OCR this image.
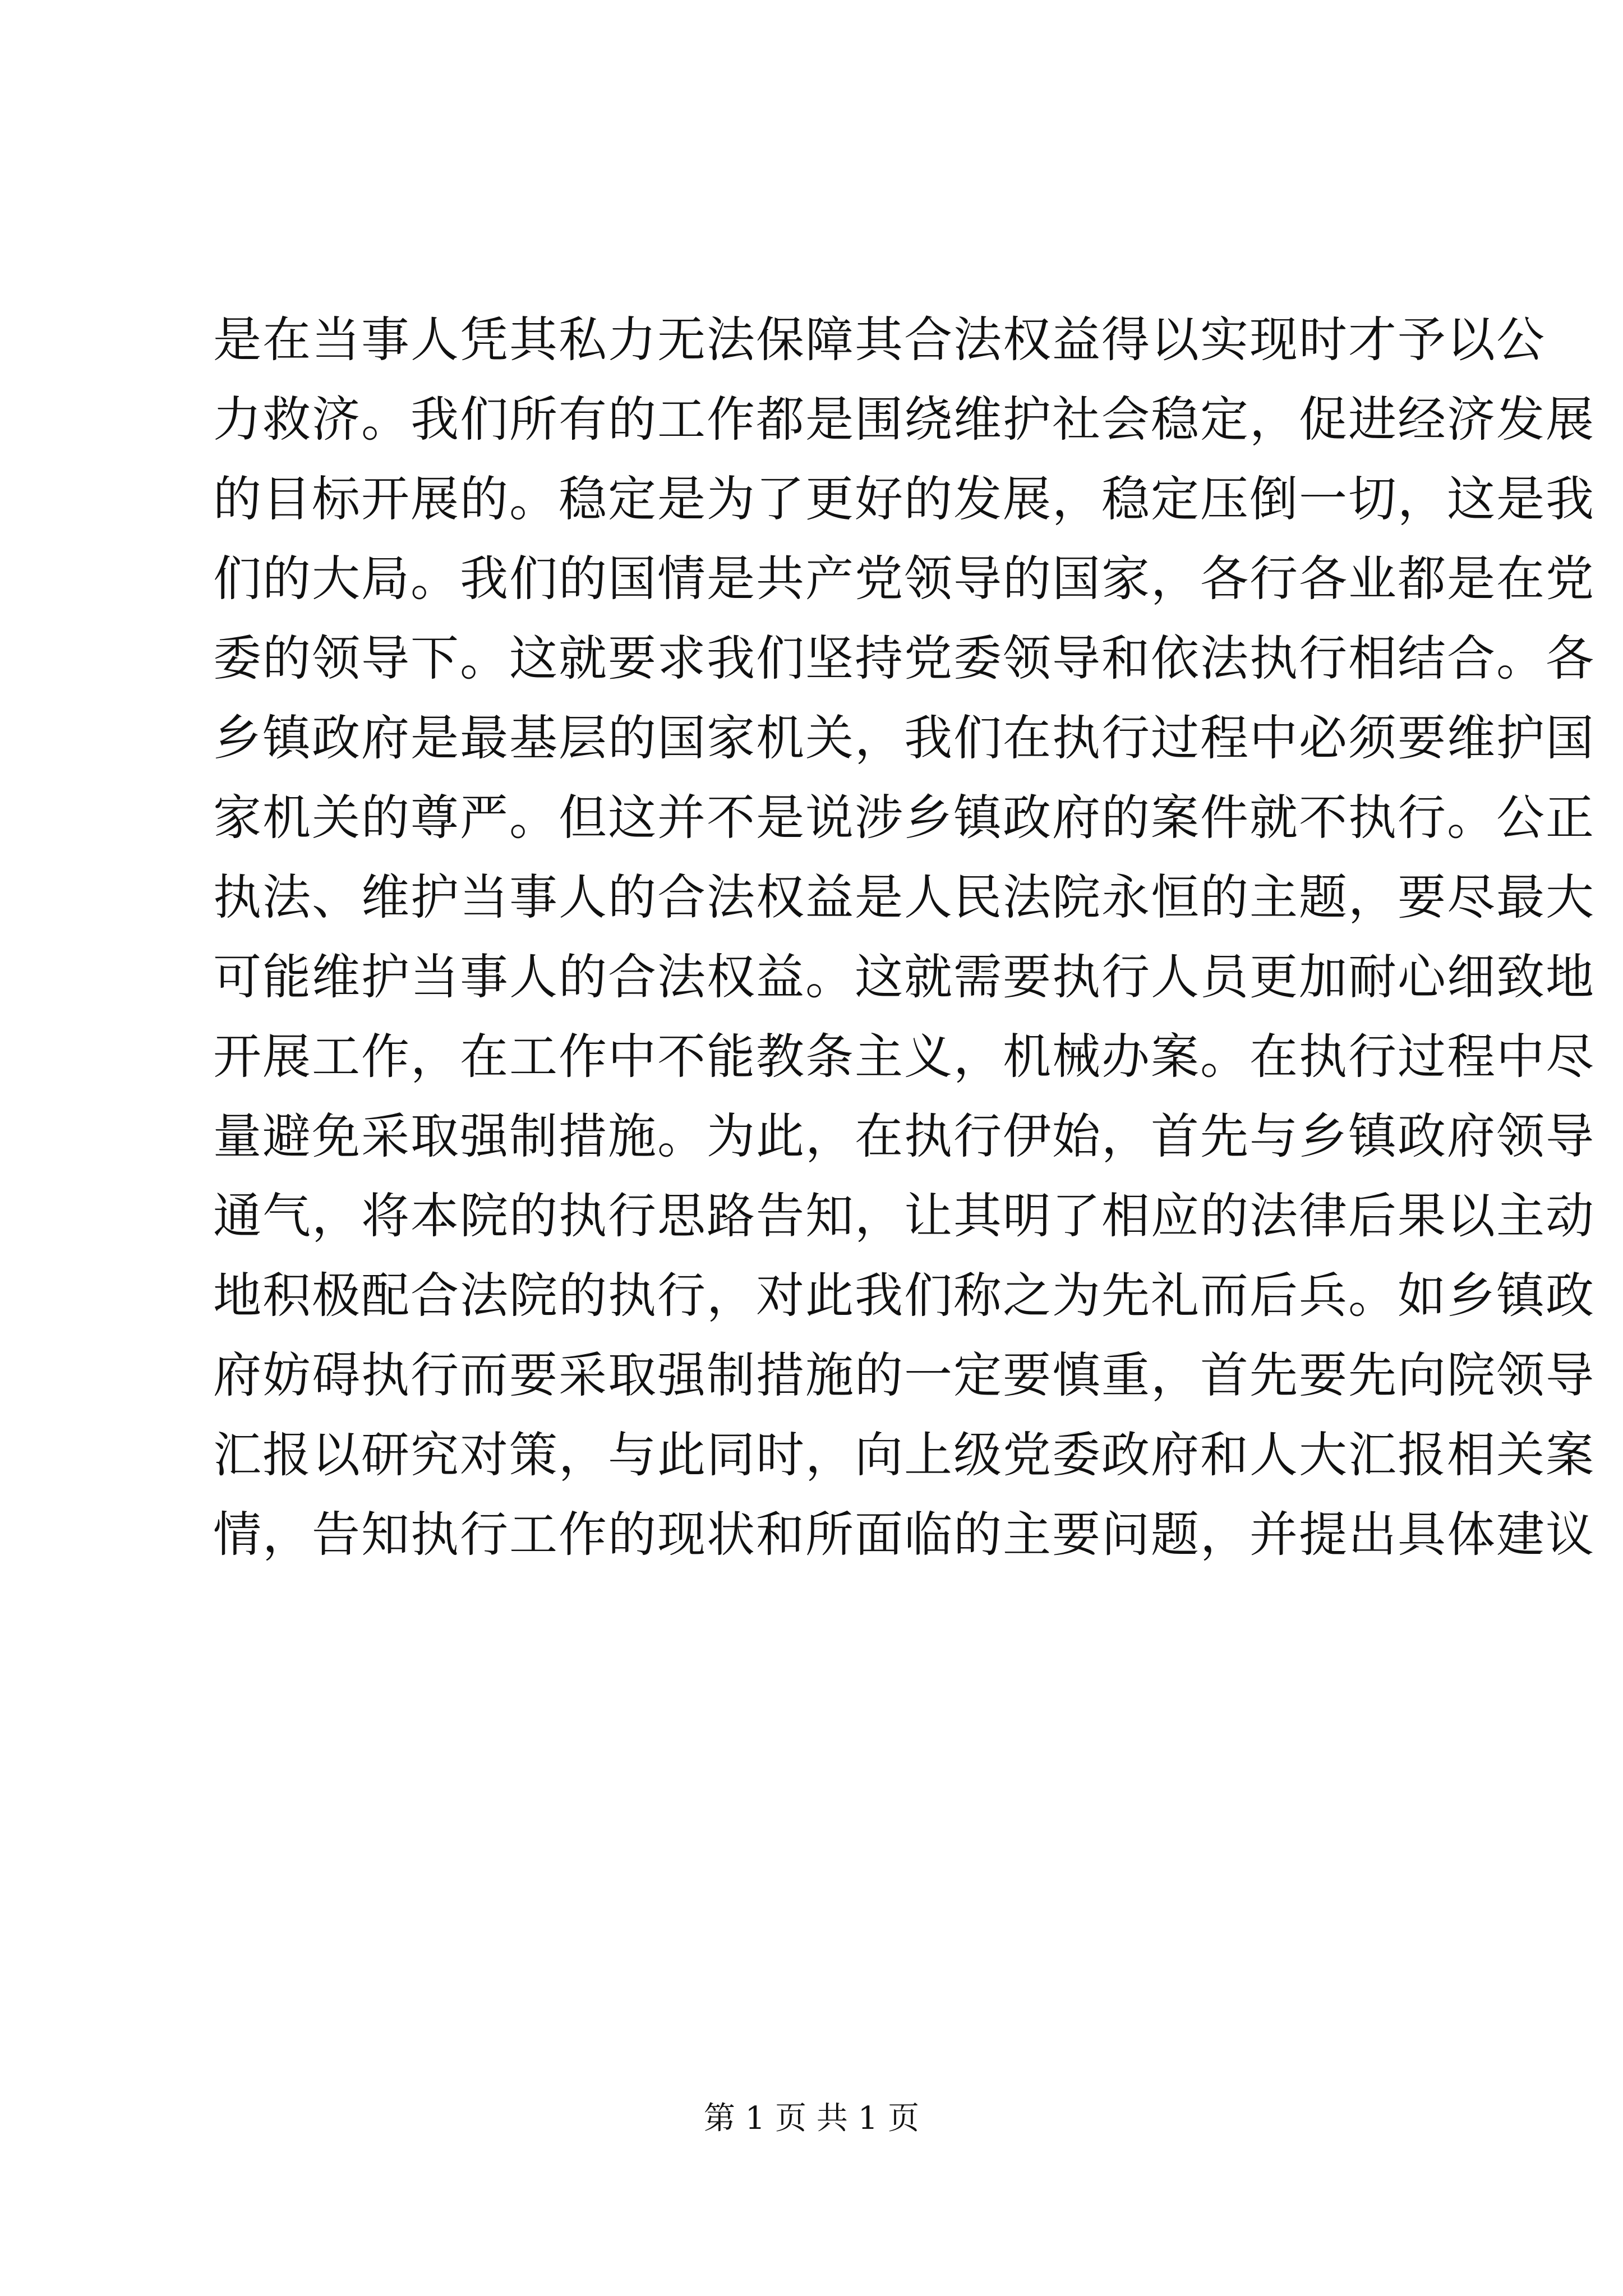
是在当事人凭其私力无法保障其合法权益得以实现时才予以公
力救济。我们所有的工作都是围绕维护社会稳定，促进经济发展
的目标开展的。稳定是为了更好的发展，稳定压倒一切，这是我
们的大局。我们的国情是共产党领导的国家，各行各业都是在党
委的领导下。这就要求我们坚持党委领导和依法执行相结合。各
乡镇政府是最基层的国家机关，我们在执行过程中必须要维护国
家机关的尊严。但这并不是说涉乡镇政府的案件就不执行。公正
执法、维护当事人的合法权益是人民法院永恒的主题，要尽最大
可能维护当事人的合法权益。这就需要执行人员更加耐心细致地
开展工作，在工作中不能教条主义，机械办案。在执行过程中尽
量避免采取强制措施。为此，在执行伊始，首先与乡镇政府领导
通气，将本院的执行思路告知，让其明了相应的法律后果以主动
地积极配合法院的执行，对此我们称之为先礼而后兵。如乡镇政
府妨碍执行而要采取强制措施的一定要慎重，首先要先向院领导
汇报以研究对策，与此同时，向上级党委政府和人大汇报相关案
情，告知执行工作的现状和所面临的主要问题，并提出具体建议
第 1 页 共 1 页
